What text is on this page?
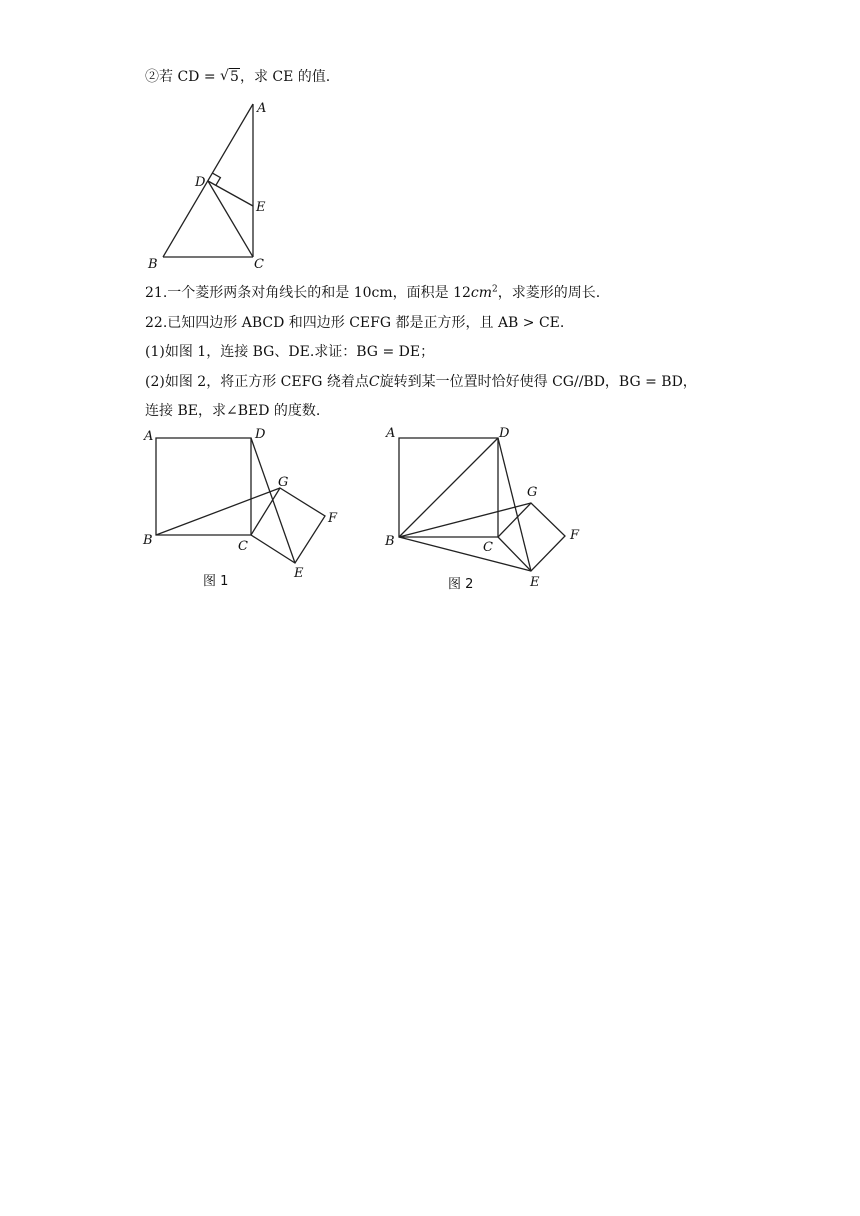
②若 CD = √ 5，求 CE 的值.
A
D
E
B	C
21.一个菱形两条对角线长的和是 10cm，面积是 $12cm^2$，求菱形的周长.
22.已知四边形 ABCD 和四边形 CEFG 都是正方形，且 AB > CE.
(1)如图 1，连接 BG、DE.求证：BG = DE；
(2)如图 2，将正方形 CEFG 绕着点C旋转到某一位置时恰好使得 CG//BD，BG = BD，
连接 BE，求∠BED 的度数.
A	D
G
F
B	C
E
图 1
A	D
G
F
B	C
E
图 2
